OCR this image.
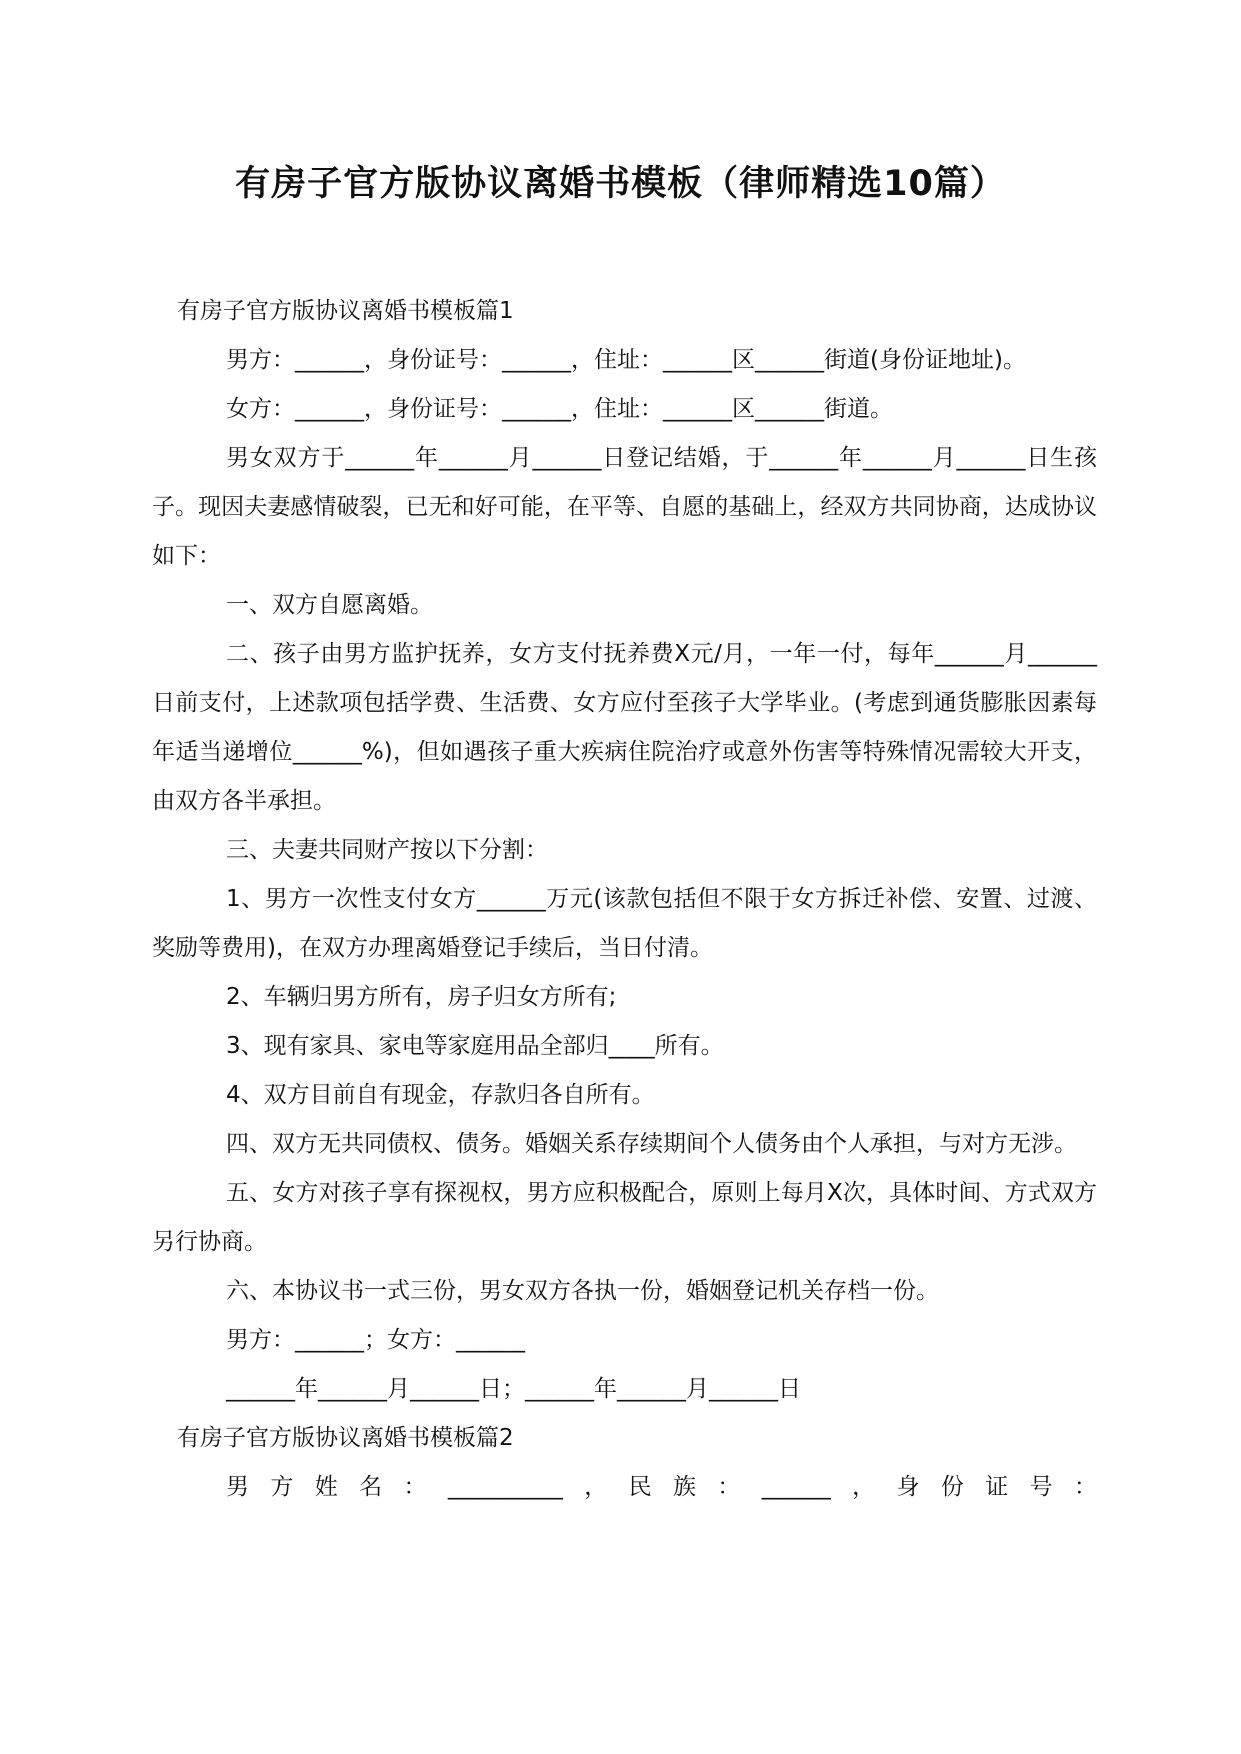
有房子官方版协议离婚书模板（律师精选10篇）

有房子官方版协议离婚书模板篇1

男方：______，身份证号：______，住址：______区______街道(身份证地址)。

女方：______，身份证号：______，住址：______区______街道。

男女双方于______年______月______日登记结婚，于______年______月______日生孩子。现因夫妻感情破裂，已无和好可能，在平等、自愿的基础上，经双方共同协商，达成协议如下：

一、双方自愿离婚。

二、孩子由男方监护抚养，女方支付抚养费X元/月，一年一付，每年______月______日前支付，上述款项包括学费、生活费、女方应付至孩子大学毕业。(考虑到通货膨胀因素每年适当递增位______%)，但如遇孩子重大疾病住院治疗或意外伤害等特殊情况需较大开支，由双方各半承担。

三、夫妻共同财产按以下分割：

1、男方一次性支付女方______万元(该款包括但不限于女方拆迁补偿、安置、过渡、奖励等费用)，在双方办理离婚登记手续后，当日付清。

2、车辆归男方所有，房子归女方所有;

3、现有家具、家电等家庭用品全部归____所有。

4、双方目前自有现金，存款归各自所有。

四、双方无共同债权、债务。婚姻关系存续期间个人债务由个人承担，与对方无涉。

五、女方对孩子享有探视权，男方应积极配合，原则上每月X次，具体时间、方式双方另行协商。

六、本协议书一式三份，男女双方各执一份，婚姻登记机关存档一份。

男方：______；女方：______

______年______月______日；______年______月______日

有房子官方版协议离婚书模板篇2

男方姓名：__________，民族：______，身份证号：
